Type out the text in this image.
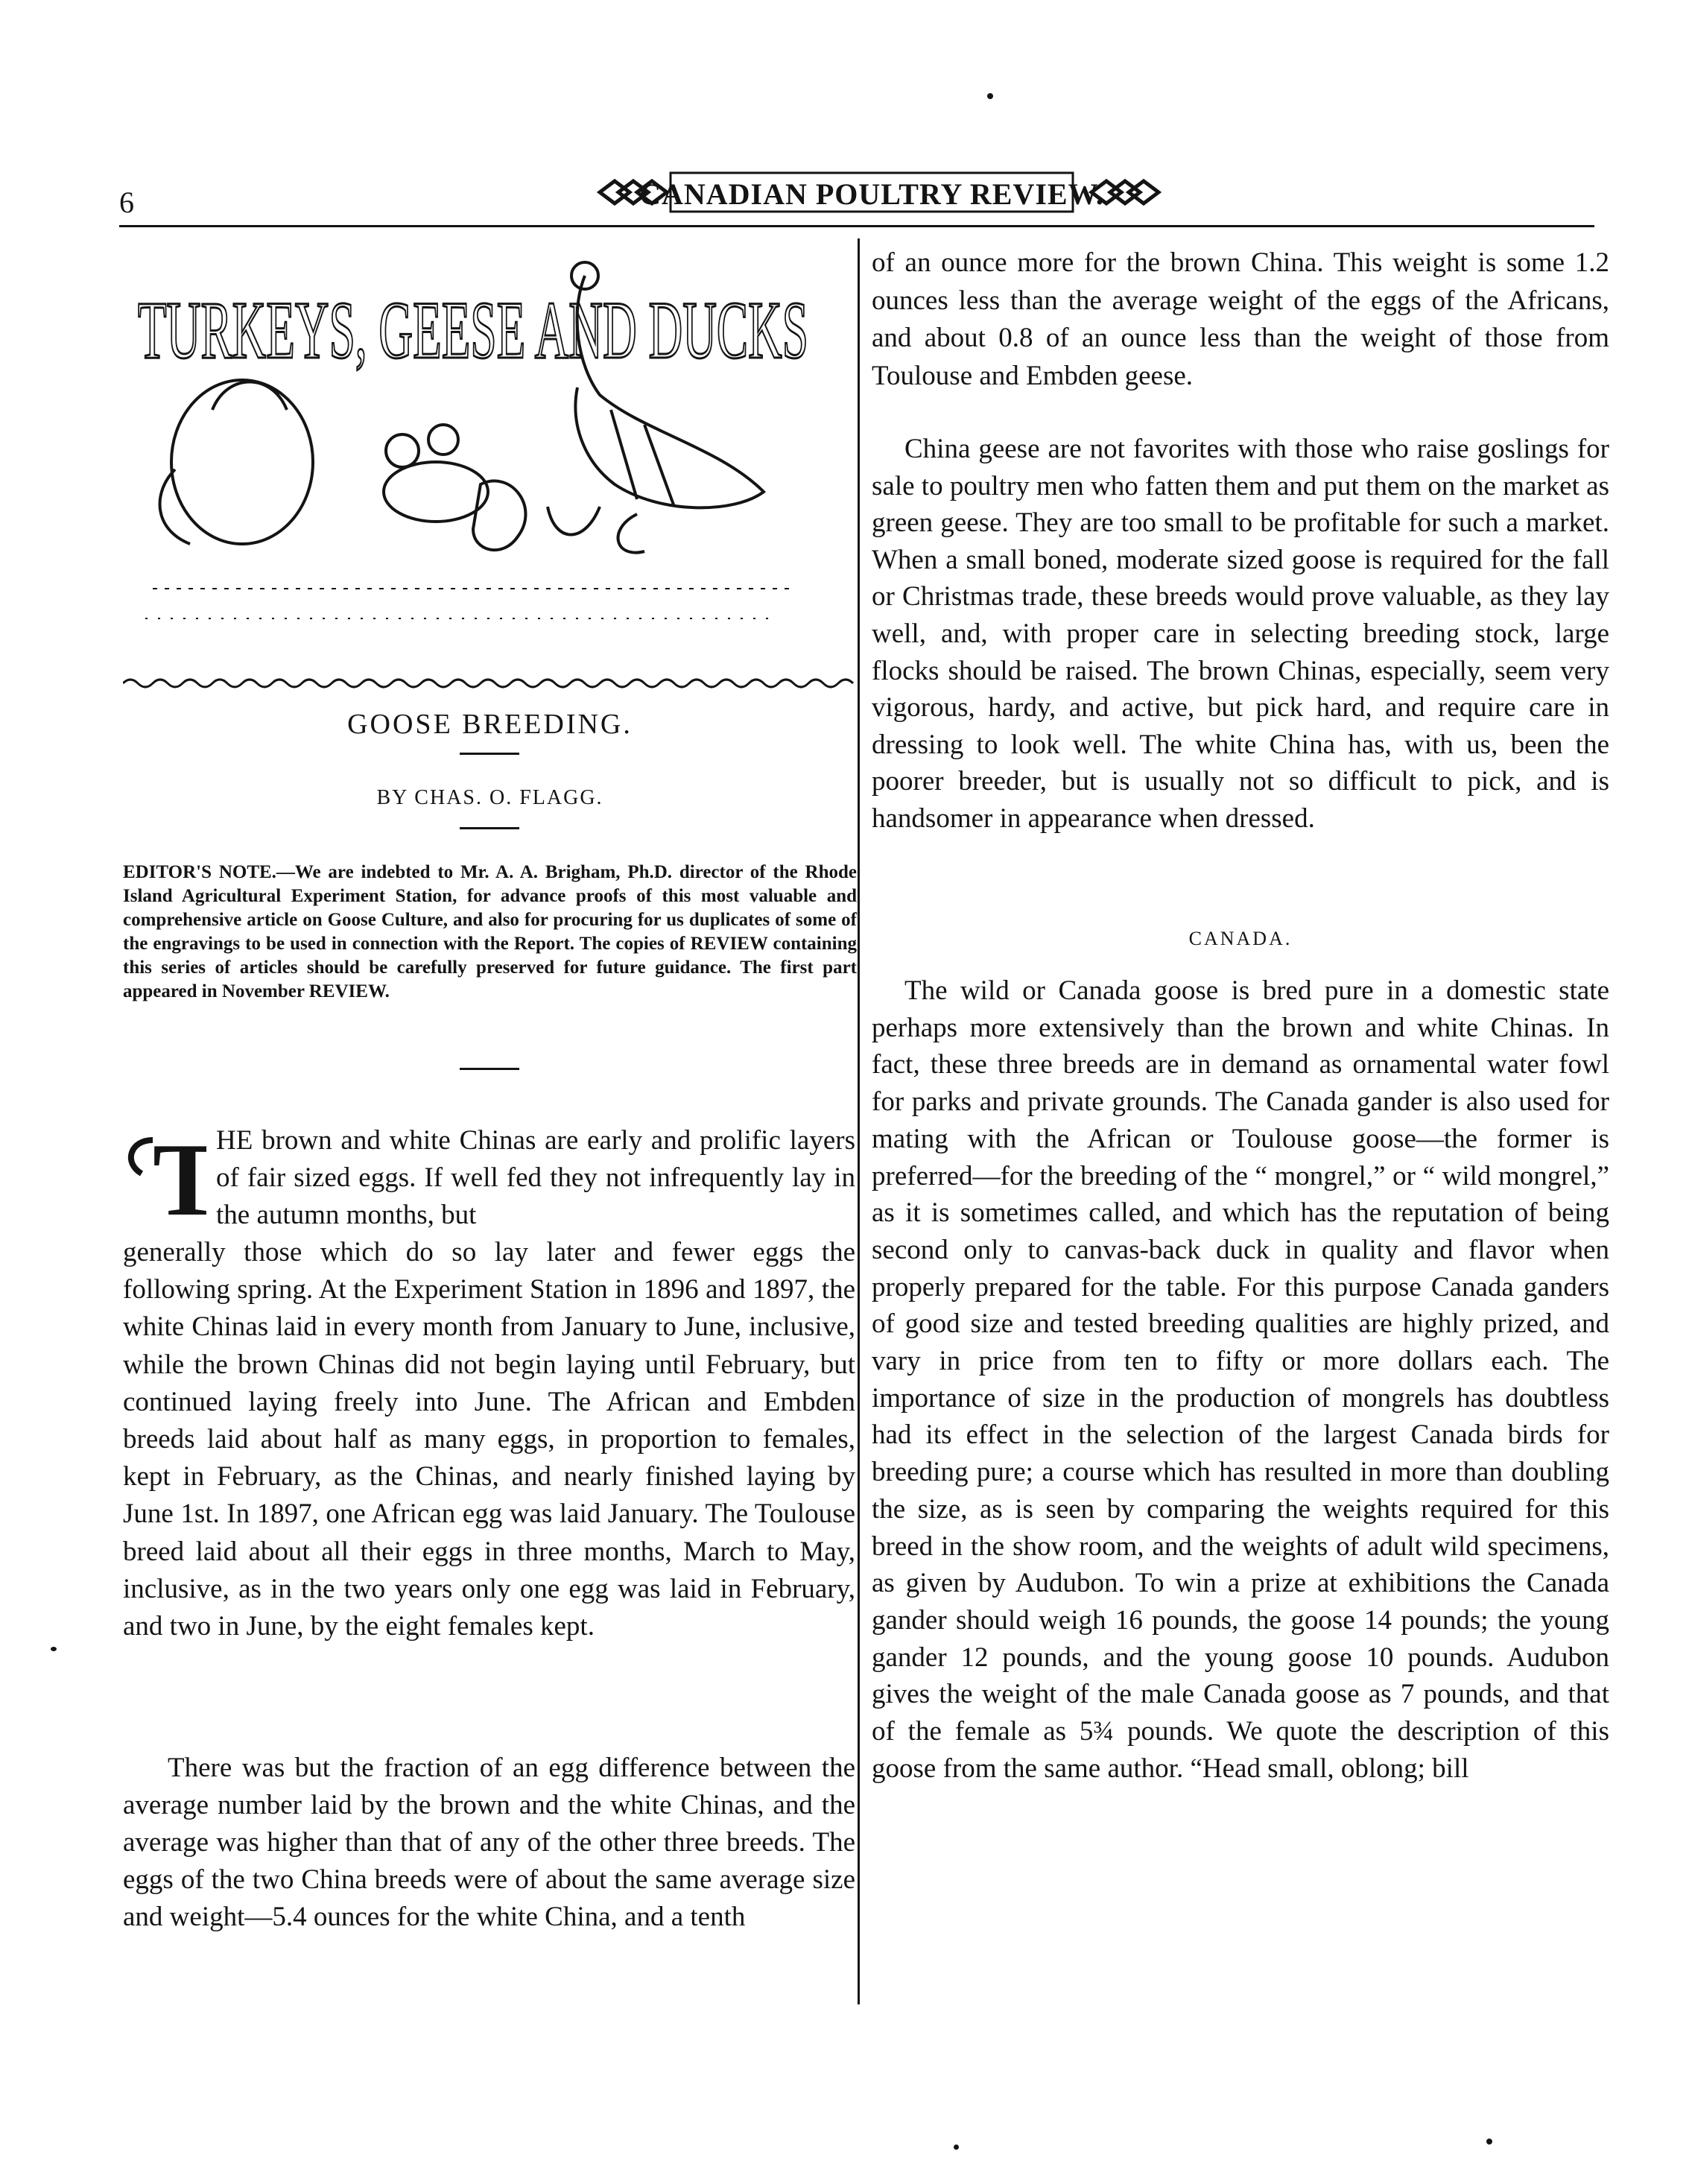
6	CANADIAN POULTRY REVIEW.
TURKEYS, GEESE AND DUCKS
GOOSE BREEDING.
BY CHAS. O. FLAGG.
EDITOR'S NOTE.—We are indebted to Mr. A. A. Brigham, Ph.D. director of the Rhode Island Agricultural Experiment Station, for advance proofs of this most valuable and comprehensive article on Goose Culture, and also for procuring for us duplicates of some of the engravings to be used in connection with the Report. The copies of REVIEW containing this series of articles should be carefully preserved for future guidance. The first part appeared in November REVIEW.
T
HE brown and white Chinas are early and prolific layers of fair sized eggs. If well fed they not infrequently lay in the autumn months, but
generally those which do so lay later and fewer eggs the following spring. At the Experiment Station in 1896 and 1897, the white Chinas laid in every month from January to June, inclusive, while the brown Chinas did not begin laying until February, but continued laying freely into June. The African and Embden breeds laid about half as many eggs, in proportion to females, kept in February, as the Chinas, and nearly finished laying by June 1st. In 1897, one African egg was laid January. The Toulouse breed laid about all their eggs in three months, March to May, inclusive, as in the two years only one egg was laid in February, and two in June, by the eight females kept.
There was but the fraction of an egg difference between the average number laid by the brown and the white Chinas, and the average was higher than that of any of the other three breeds. The eggs of the two China breeds were of about the same average size and weight—5.4 ounces for the white China, and a tenth
of an ounce more for the brown China. This weight is some 1.2 ounces less than the average weight of the eggs of the Africans, and about 0.8 of an ounce less than the weight of those from Toulouse and Embden geese.
China geese are not favorites with those who raise goslings for sale to poultry men who fatten them and put them on the market as green geese. They are too small to be profitable for such a market. When a small boned, moderate sized goose is required for the fall or Christmas trade, these breeds would prove valuable, as they lay well, and, with proper care in selecting breeding stock, large flocks should be raised. The brown Chinas, especially, seem very vigorous, hardy, and active, but pick hard, and require care in dressing to look well. The white China has, with us, been the poorer breeder, but is usually not so difficult to pick, and is handsomer in appearance when dressed.
CANADA.
The wild or Canada goose is bred pure in a domestic state perhaps more extensively than the brown and white Chinas. In fact, these three breeds are in demand as ornamental water fowl for parks and private grounds. The Canada gander is also used for mating with the African or Toulouse goose—the former is preferred—for the breeding of the “ mongrel,” or “ wild mongrel,” as it is sometimes called, and which has the reputation of being second only to canvas-back duck in quality and flavor when properly prepared for the table. For this purpose Canada ganders of good size and tested breeding qualities are highly prized, and vary in price from ten to fifty or more dollars each. The importance of size in the production of mongrels has doubtless had its effect in the selection of the largest Canada birds for breeding pure; a course which has resulted in more than doubling the size, as is seen by comparing the weights required for this breed in the show room, and the weights of adult wild specimens, as given by Audubon. To win a prize at exhibitions the Canada gander should weigh 16 pounds, the goose 14 pounds; the young gander 12 pounds, and the young goose 10 pounds. Audubon gives the weight of the male Canada goose as 7 pounds, and that of the female as 5¾ pounds. We quote the description of this goose from the same author. “Head small, oblong; bill
